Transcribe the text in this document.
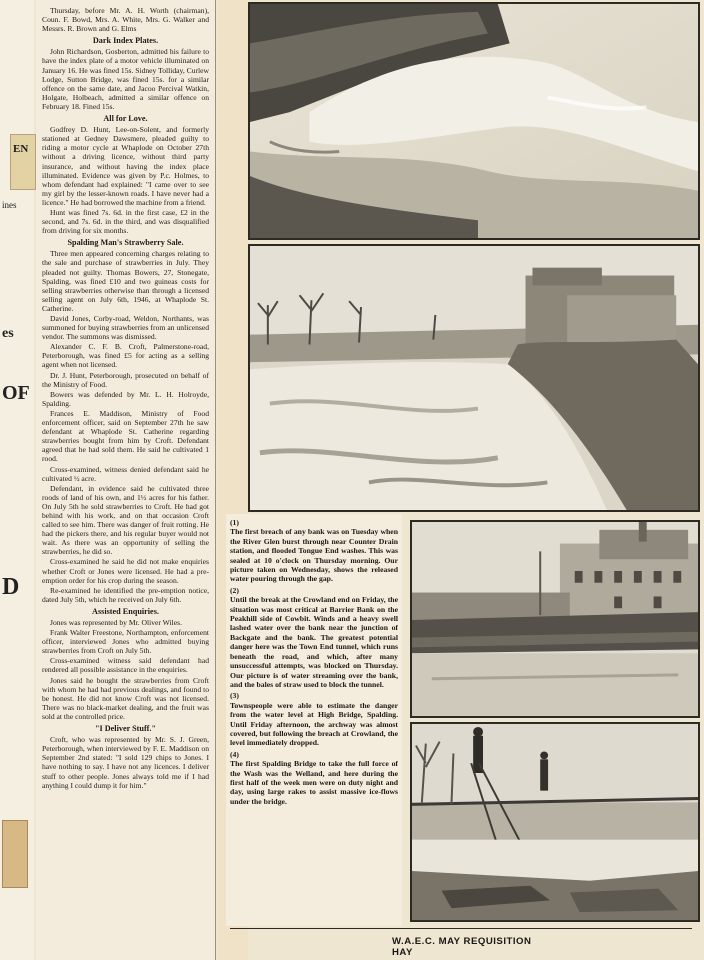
EN
ines
es
OF
D

Thursday, before Mr. A. H. Worth (chairman), Coun. F. Bowd, Mrs. A. White, Mrs. G. Walker and Messrs. R. Brown and G. Elms

Dark Index Plates.

John Richardson, Gosberton, admitted his failure to have the index plate of a motor vehicle illuminated on January 16. He was fined 15s. Sidney Tolliday, Curlew Lodge, Sutton Bridge, was fined 15s. for a similar offence on the same date, and Jacoo Percival Watkin, Holgate, Holbeach, admitted a similar offence on February 18. Fined 15s.

All for Love.

Godfrey D. Hunt, Lee-on-Solent, and formerly stationed at Gedney Dawsmere, pleaded guilty to riding a motor cycle at Whaplode on October 27th without a driving licence, without third party insurance, and without having the index place illuminated. Evidence was given by P.c. Holmes, to whom defendant had explained: "I came over to see my girl by the lesser-known roads. I have never had a licence." He had borrowed the machine from a friend.

Hunt was fined 7s. 6d. in the first case, £2 in the second, and 7s. 6d. in the third, and was disqualified from driving for six months.

Spalding Man's Strawberry Sale.

Three men appeared concerning charges relating to the sale and purchase of strawberries in July. They pleaded not guilty. Thomas Bowers, 27, Stonegate, Spalding, was fined £10 and two guineas costs for selling strawberries otherwise than through a licensed selling agent on July 6th, 1946, at Whaplode St. Catherine.

David Jones, Corby-road, Weldon, Northants, was summoned for buying strawberries from an unlicensed vendor. The summons was dismissed.

Alexander C. F. B. Croft, Palmerstone-road, Peterborough, was fined £5 for acting as a selling agent when not licensed.

Dr. J. Hunt, Peterborough, prosecuted on behalf of the Ministry of Food.

Bowers was defended by Mr. L. H. Holroyde, Spalding.

Frances E. Maddison, Ministry of Food enforcement officer, said on September 27th he saw defendant at Whaplode St. Catherine regarding strawberries bought from him by Croft. Defendant agreed that he had sold them. He said he cultivated 1 rood.

Cross-examined, witness denied defendant said he cultivated ½ acre.

Defendant, in evidence said he cultivated three roods of land of his own, and 1½ acres for his father. On July 5th he sold strawberries to Croft. He had got behind with his work, and on that occasion Croft called to see him. There was danger of fruit rotting. He had the pickers there, and his regular buyer would not wait. As there was an opportunity of selling the strawberries, he did so.

Cross-examined he said he did not make enquiries whether Croft or Jones were licensed. He had a pre-emption order for his crop during the season.

Re-examined he identified the pre-emption notice, dated July 5th, which he received on July 6th.

Assisted Enquiries.

Jones was represented by Mr. Oliver Wiles.

Frank Walter Freestone, Northampton, enforcement officer, interviewed Jones who admitted buying strawberries from Croft on July 5th.

Cross-examined witness said defendant had rendered all possible assistance in the enquiries.

Jones said he bought the strawberries from Croft with whom he had had previous dealings, and found to be honest. He did not know Croft was not licensed. There was no black-market dealing, and the fruit was sold at the controlled price.

"I Deliver Stuff."

Croft, who was represented by Mr. S. J. Green, Peterborough, when interviewed by F. E. Maddison on September 2nd stated: "I sold 129 chips to Jones. I have nothing to say. I have not any licences. I deliver stuff to other people. Jones always told me if I had anything I could dump it for him."

(1)

The first breach of any bank was on Tuesday when the River Glen burst through near Counter Drain station, and flooded Tongue End washes. This was sealed at 10 o'clock on Thursday morning. Our picture taken on Wednesday, shows the released water pouring through the gap.

(2)

Until the break at the Crowland end on Friday, the situation was most critical at Barrier Bank on the Peakhill side of Cowbit. Winds and a heavy swell lashed water over the bank near the junction of Backgate and the bank. The greatest potential danger here was the Town End tunnel, which runs beneath the road, and which, after many unsuccessful attempts, was blocked on Thursday. Our picture is of water streaming over the bank, and the bales of straw used to block the tunnel.

(3)

Townspeople were able to estimate the danger from the water level at High Bridge, Spalding. Until Friday afternoon, the archway was almost covered, but following the breach at Crowland, the level immediately dropped.

(4)

The first Spalding Bridge to take the full force of the Wash was the Welland, and here during the first half of the week men were on duty night and day, using large rakes to assist massive ice-flows under the bridge.

W.A.E.C. MAY REQUISITION HAY
